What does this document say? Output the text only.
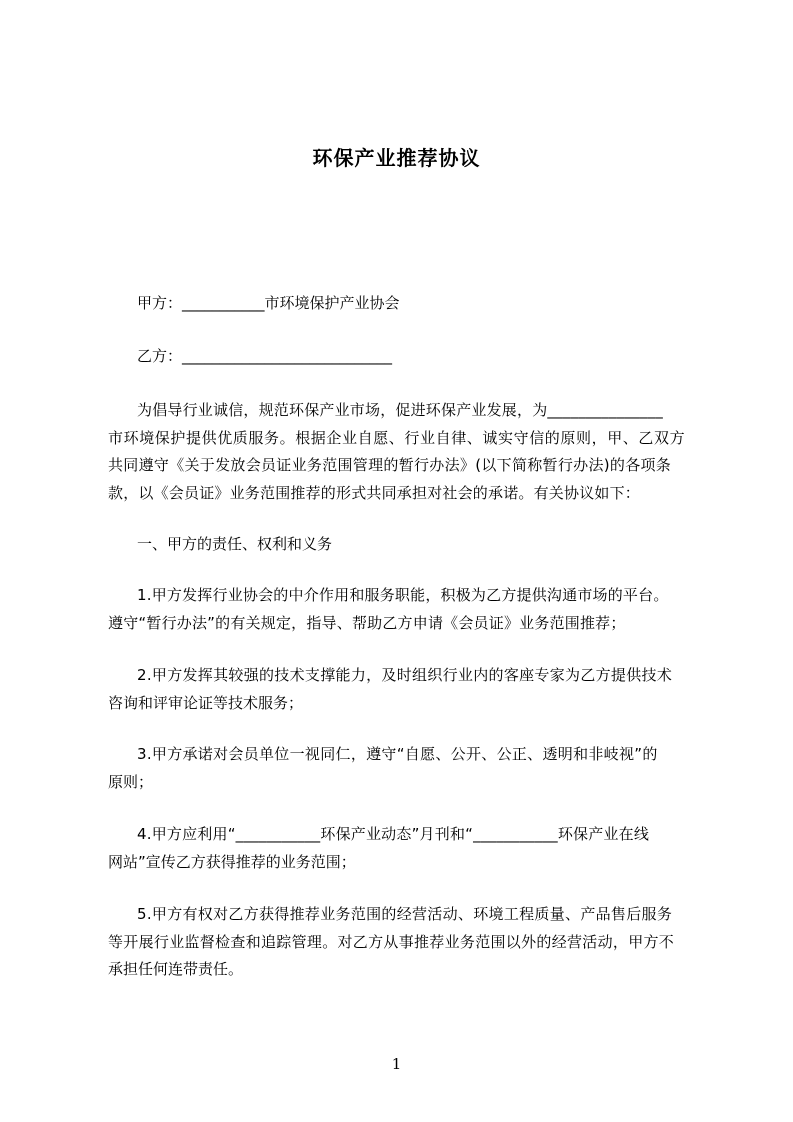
环保产业推荐协议
甲方：___________市环境保护产业协会
乙方：____________________________
为倡导行业诚信，规范环保产业市场，促进环保产业发展，为_______________
市环境保护提供优质服务。根据企业自愿、行业自律、诚实守信的原则，甲、乙双方
共同遵守《关于发放会员证业务范围管理的暂行办法》(以下简称暂行办法)的各项条
款，以《会员证》业务范围推荐的形式共同承担对社会的承诺。有关协议如下：
一、甲方的责任、权利和义务
1.甲方发挥行业协会的中介作用和服务职能，积极为乙方提供沟通市场的平台。
遵守“暂行办法”的有关规定，指导、帮助乙方申请《会员证》业务范围推荐；
2.甲方发挥其较强的技术支撑能力，及时组织行业内的客座专家为乙方提供技术
咨询和评审论证等技术服务；
3.甲方承诺对会员单位一视同仁，遵守“自愿、公开、公正、透明和非岐视”的
原则；
4.甲方应利用“___________环保产业动态”月刊和“___________环保产业在线
网站”宣传乙方获得推荐的业务范围；
5.甲方有权对乙方获得推荐业务范围的经营活动、环境工程质量、产品售后服务
等开展行业监督检查和追踪管理。对乙方从事推荐业务范围以外的经营活动，甲方不
承担任何连带责任。
1
